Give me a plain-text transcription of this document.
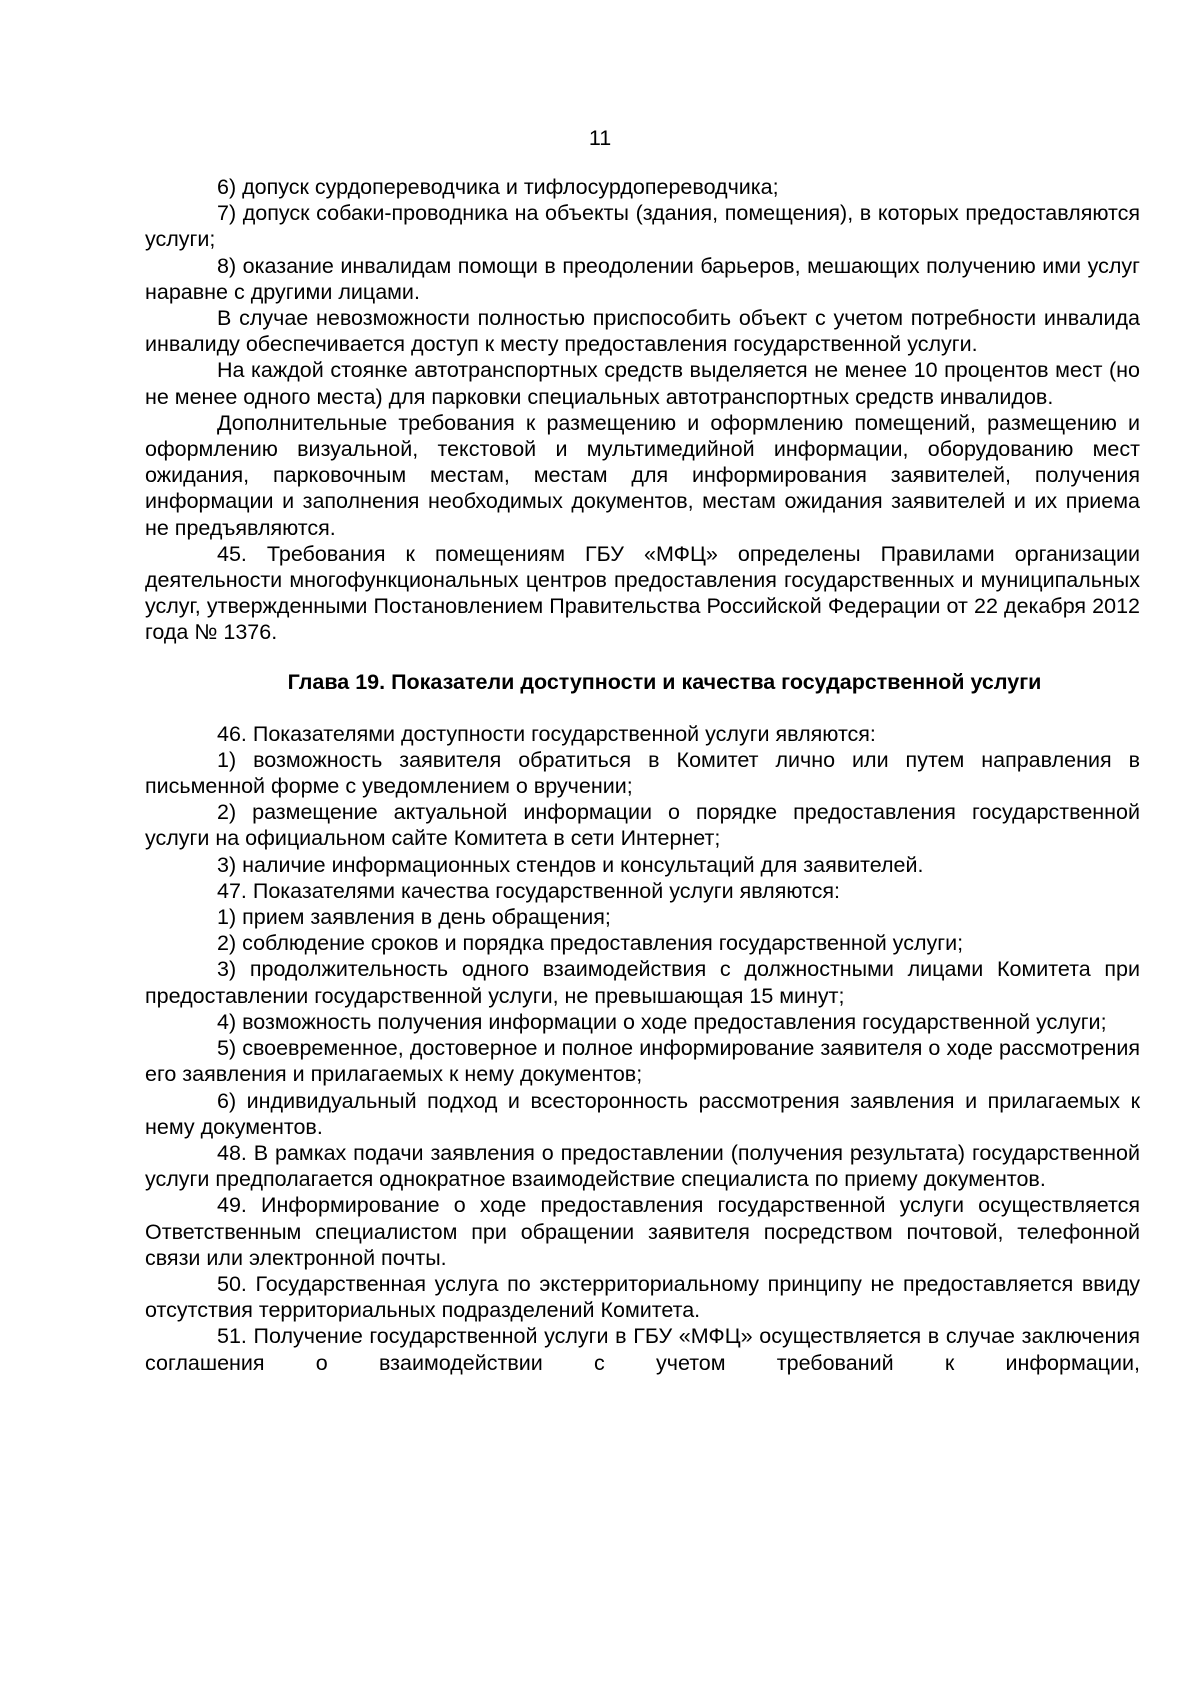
11

6) допуск сурдопереводчика и тифлосурдопереводчика;

7) допуск собаки-проводника на объекты (здания, помещения), в которых предоставляются услуги;

8) оказание инвалидам помощи в преодолении барьеров, мешающих получению ими услуг наравне с другими лицами.

В случае невозможности полностью приспособить объект с учетом потребности инвалида инвалиду обеспечивается доступ к месту предоставления государственной услуги.

На каждой стоянке автотранспортных средств выделяется не менее 10 процентов мест (но не менее одного места) для парковки специальных автотранспортных средств инвалидов.

Дополнительные требования к размещению и оформлению помещений, размещению и оформлению визуальной, текстовой и мультимедийной информации, оборудованию мест ожидания, парковочным местам, местам для информирования заявителей, получения информации и заполнения необходимых документов, местам ожидания заявителей и их приема не предъявляются.

45. Требования к помещениям ГБУ «МФЦ» определены Правилами организации деятельности многофункциональных центров предоставления государственных и муниципальных услуг, утвержденными Постановлением Правительства Российской Федерации от 22 декабря 2012 года № 1376.

Глава 19. Показатели доступности и качества государственной услуги

46. Показателями доступности государственной услуги являются:

1) возможность заявителя обратиться в Комитет лично или путем направления в письменной форме с уведомлением о вручении;

2) размещение актуальной информации о порядке предоставления государственной услуги на официальном сайте Комитета в сети Интернет;

3) наличие информационных стендов и консультаций для заявителей.

47. Показателями качества государственной услуги являются:

1) прием заявления в день обращения;

2) соблюдение сроков и порядка предоставления государственной услуги;

3) продолжительность одного взаимодействия с должностными лицами Комитета при предоставлении государственной услуги, не превышающая 15 минут;

4) возможность получения информации о ходе предоставления государственной услуги;

5) своевременное, достоверное и полное информирование заявителя о ходе рассмотрения его заявления и прилагаемых к нему документов;

6) индивидуальный подход и всесторонность рассмотрения заявления и прилагаемых к нему документов.

48. В рамках подачи заявления о предоставлении (получения результата) государственной услуги предполагается однократное взаимодействие специалиста по приему документов.

49. Информирование о ходе предоставления государственной услуги осуществляется Ответственным специалистом при обращении заявителя посредством почтовой, телефонной связи или электронной почты.

50. Государственная услуга по экстерриториальному принципу не предоставляется ввиду отсутствия территориальных подразделений Комитета.

51. Получение государственной услуги в ГБУ «МФЦ» осуществляется в случае заключения соглашения о взаимодействии с учетом требований к информации,
